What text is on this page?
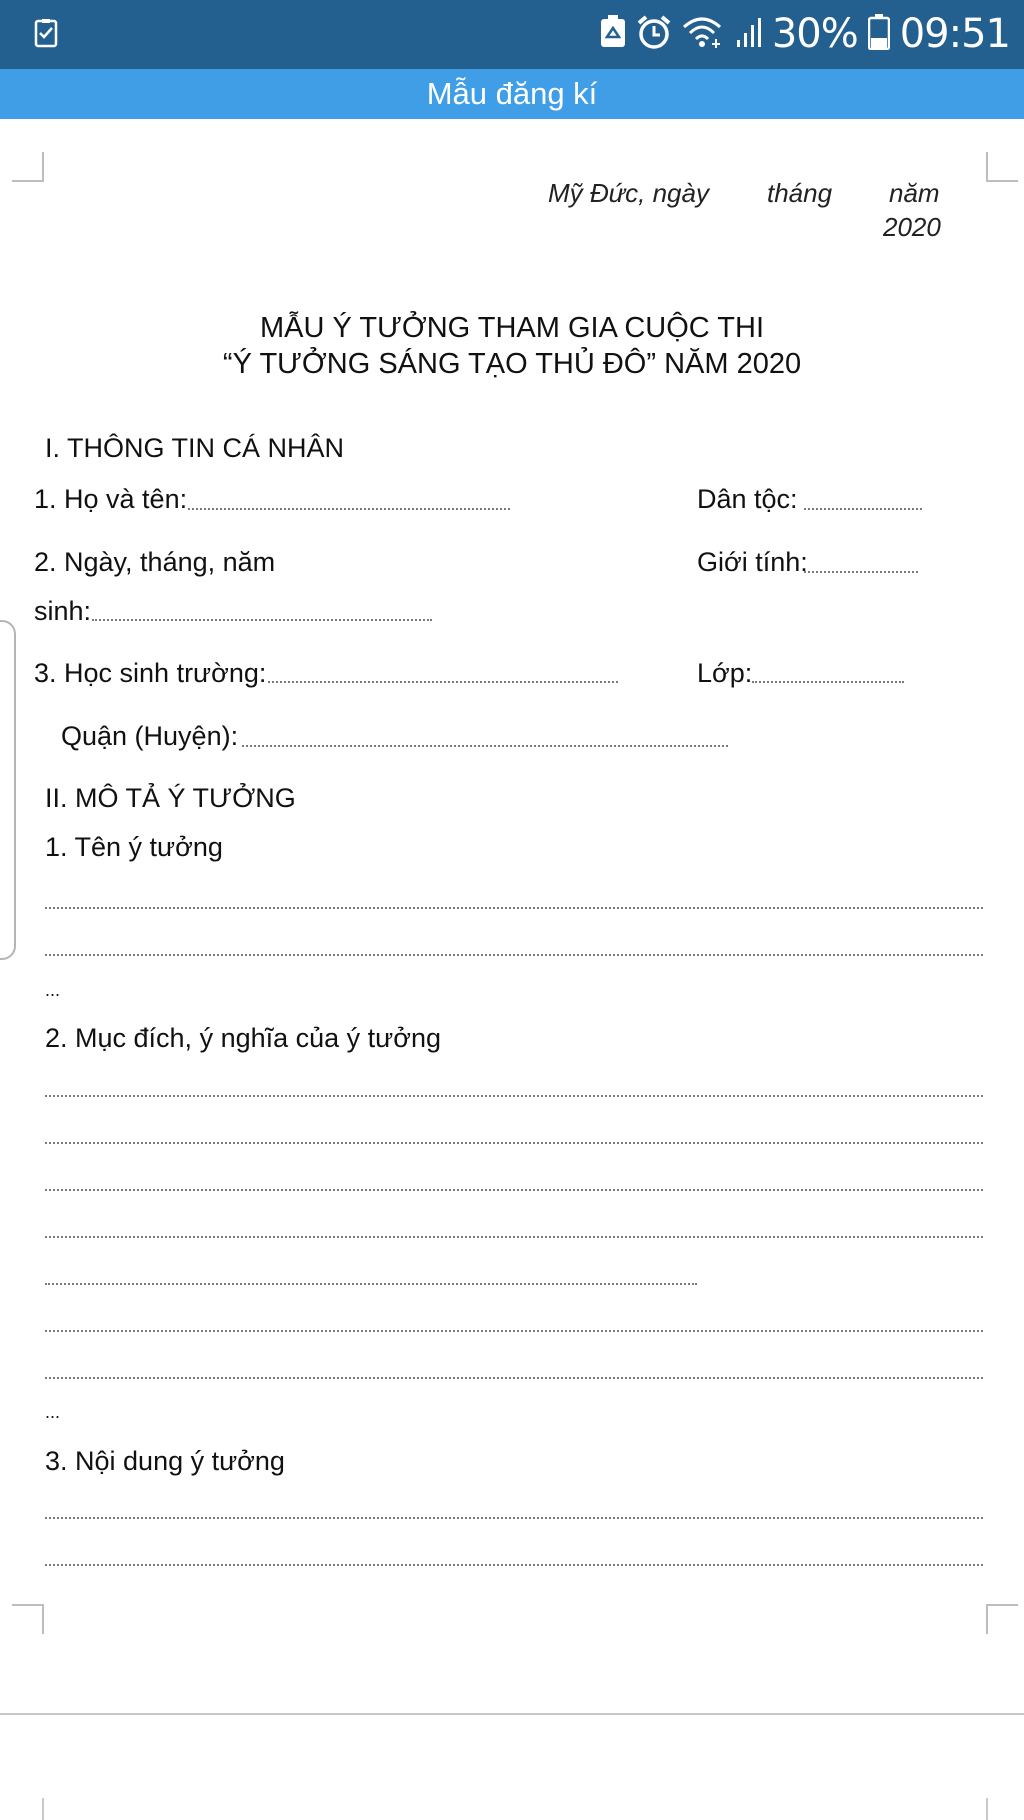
30% 09:51
Mẫu đăng kí
Mỹ Đức, ngày tháng năm
2020
MẪU Ý TƯỞNG THAM GIA CUỘC THI
“Ý TƯỞNG SÁNG TẠO THỦ ĐÔ” NĂM 2020
I. THÔNG TIN CÁ NHÂN
1. Họ và tên:	Dân tộc:
2. Ngày, tháng, năm	Giới tính:
sinh:
3. Học sinh trường:	Lớp:
Quận (Huyện):
II. MÔ TẢ Ý TƯỞNG
1. Tên ý tưởng
...
2. Mục đích, ý nghĩa của ý tưởng
...
3. Nội dung ý tưởng
